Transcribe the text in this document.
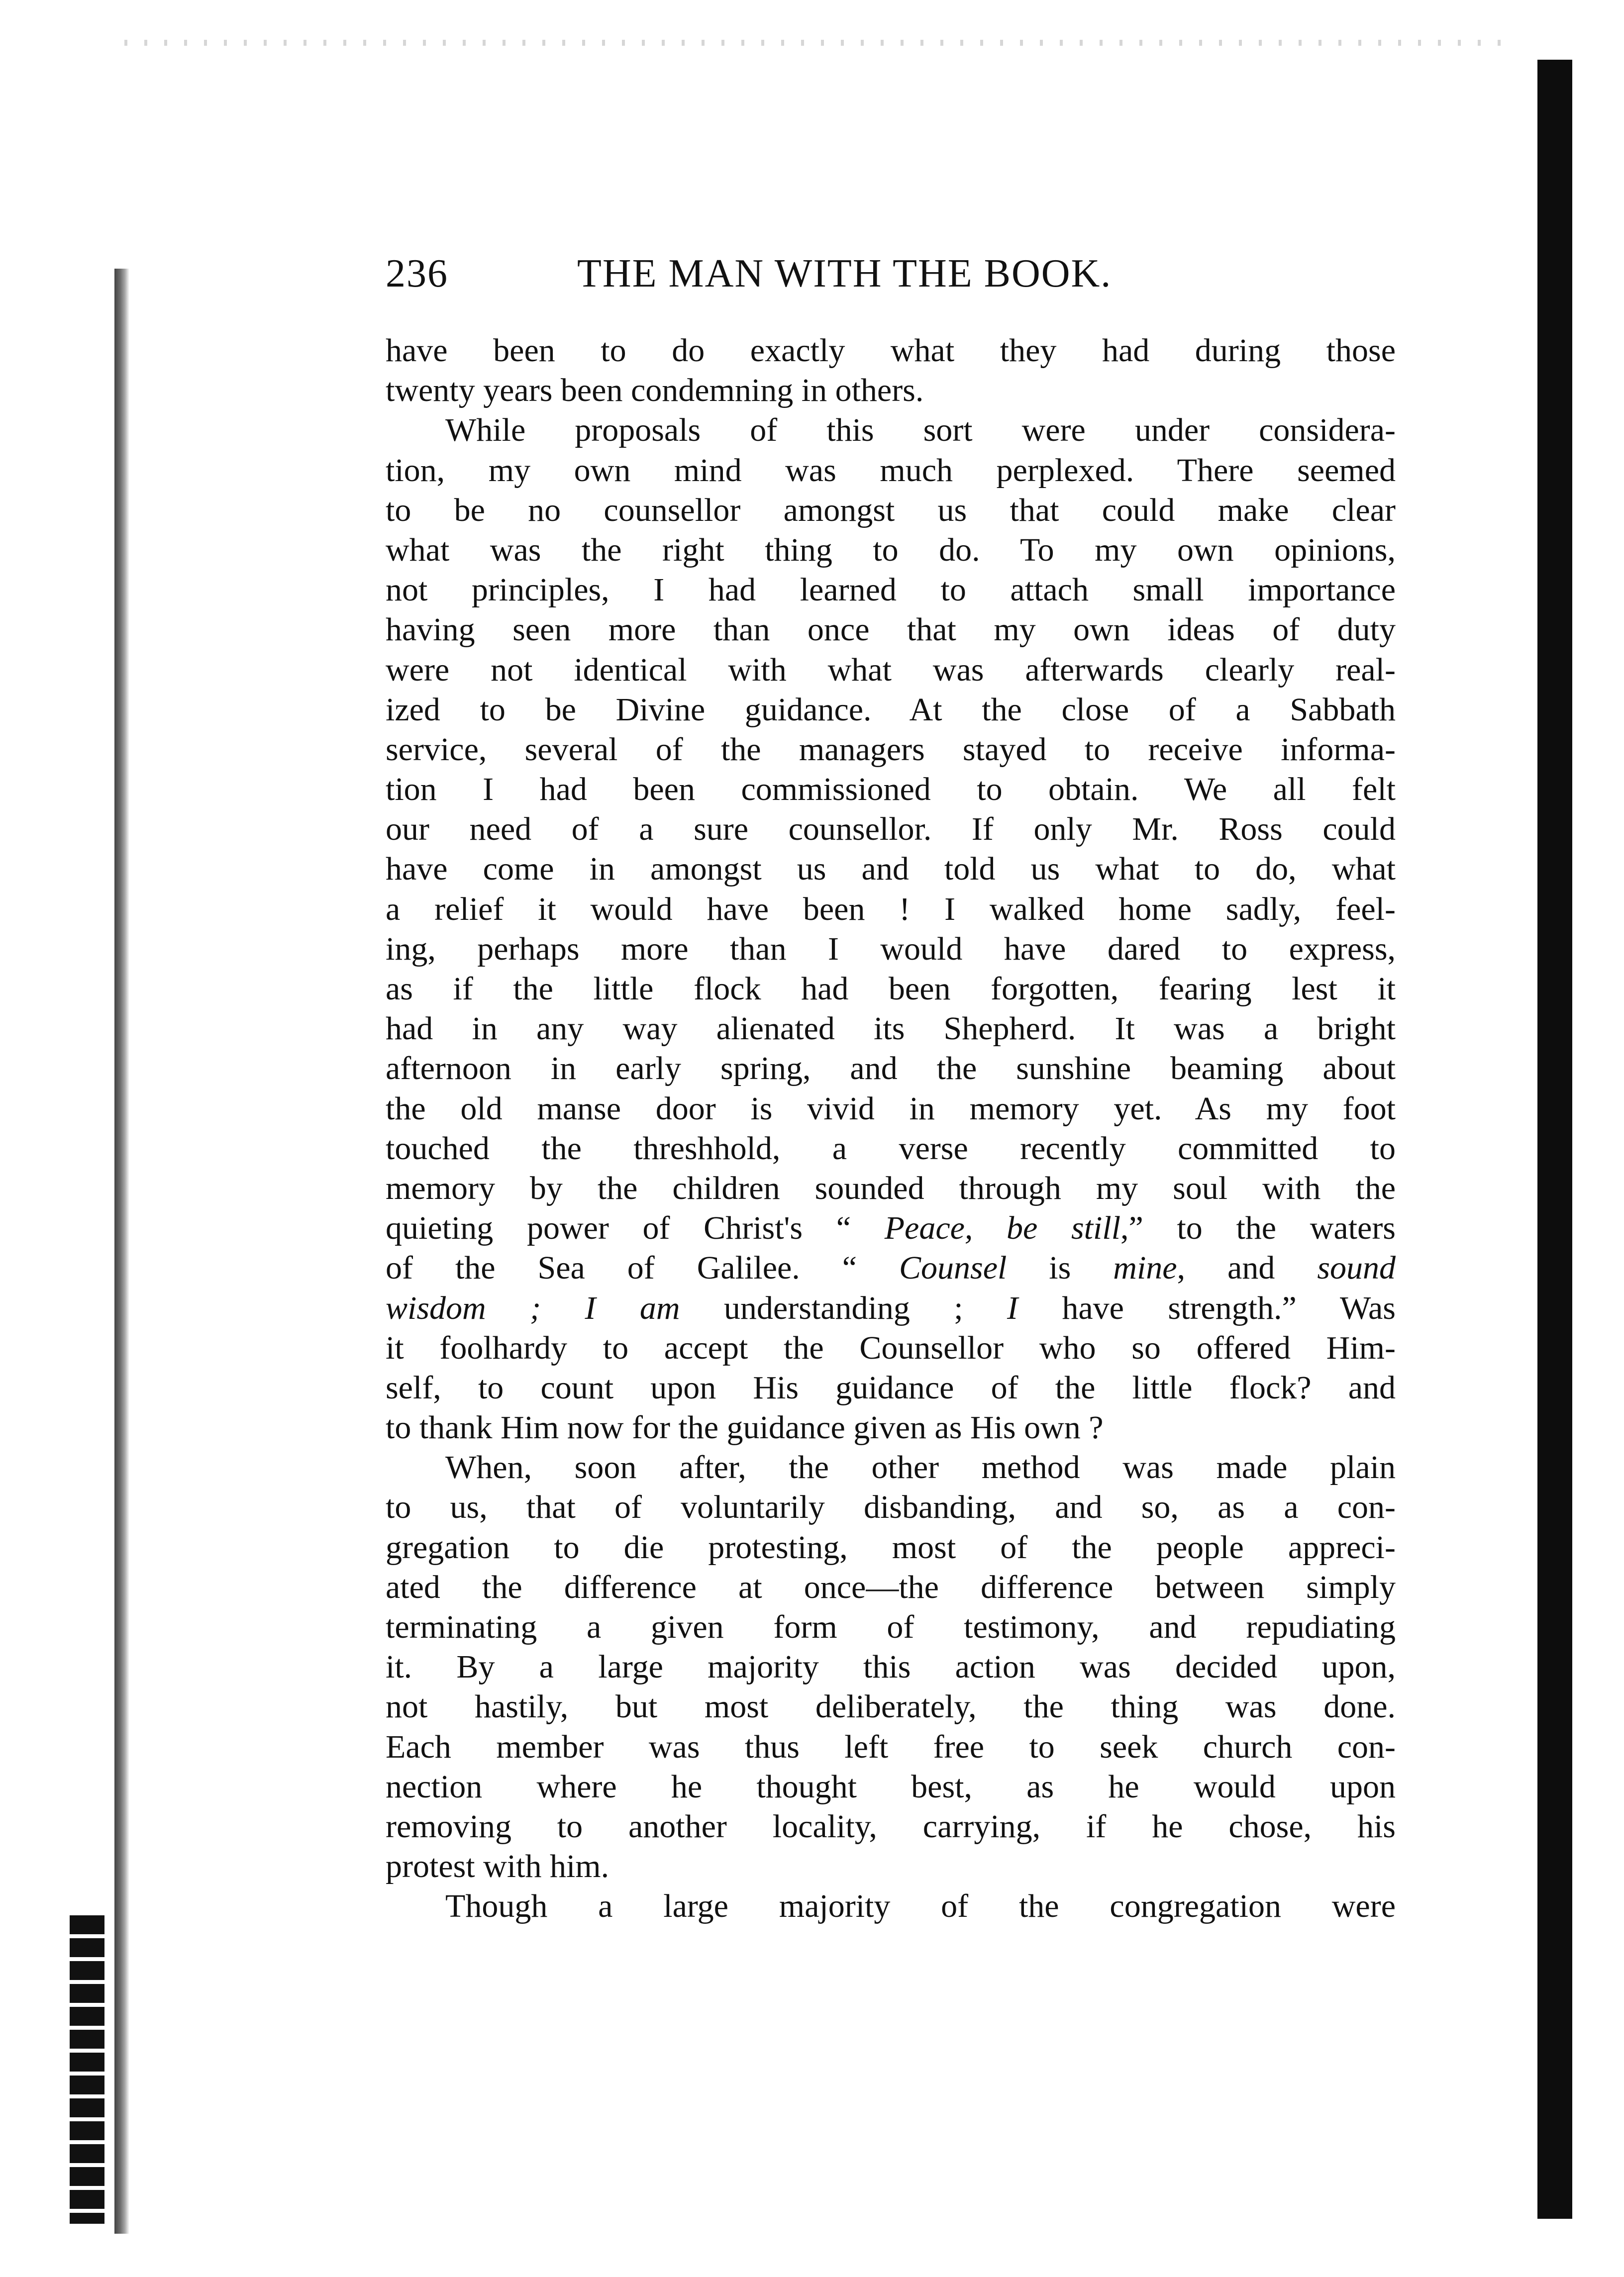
236	THE MAN WITH THE BOOK.
have been to do exactly what they had during those
twenty years been condemning in others.
While proposals of this sort were under considera-
tion, my own mind was much perplexed. There seemed
to be no counsellor amongst us that could make clear
what was the right thing to do. To my own opinions,
not principles, I had learned to attach small importance
having seen more than once that my own ideas of duty
were not identical with what was afterwards clearly real-
ized to be Divine guidance. At the close of a Sabbath
service, several of the managers stayed to receive informa-
tion I had been commissioned to obtain. We all felt
our need of a sure counsellor. If only Mr. Ross could
have come in amongst us and told us what to do, what
a relief it would have been ! I walked home sadly, feel-
ing, perhaps more than I would have dared to express,
as if the little flock had been forgotten, fearing lest it
had in any way alienated its Shepherd. It was a bright
afternoon in early spring, and the sunshine beaming about
the old manse door is vivid in memory yet. As my foot
touched the threshhold, a verse recently committed to
memory by the children sounded through my soul with the
quieting power of Christ's “ Peace, be still,” to the waters
of the Sea of Galilee. “ Counsel is mine, and sound
wisdom ; I am understanding ; I have strength.” Was
it foolhardy to accept the Counsellor who so offered Him-
self, to count upon His guidance of the little flock? and
to thank Him now for the guidance given as His own ?
When, soon after, the other method was made plain
to us, that of voluntarily disbanding, and so, as a con-
gregation to die protesting, most of the people appreci-
ated the difference at once—the difference between simply
terminating a given form of testimony, and repudiating
it. By a large majority this action was decided upon,
not hastily, but most deliberately, the thing was done.
Each member was thus left free to seek church con-
nection where he thought best, as he would upon
removing to another locality, carrying, if he chose, his
protest with him.
Though a large majority of the congregation were
